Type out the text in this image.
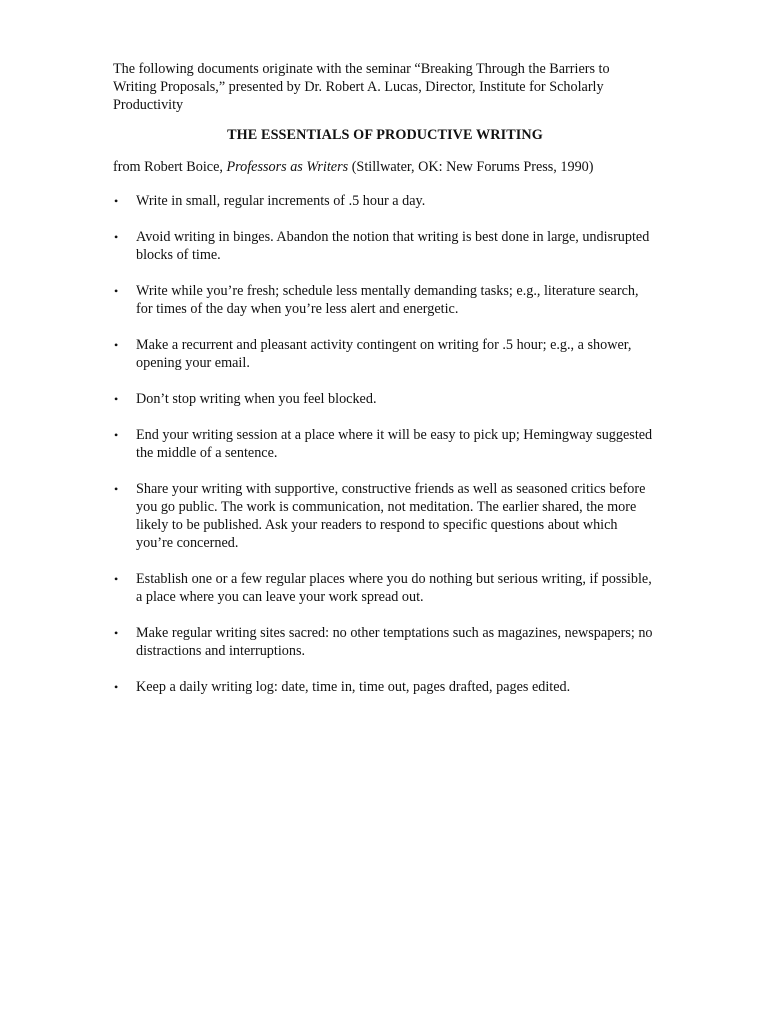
The following documents originate with the seminar “Breaking Through the Barriers to Writing Proposals,” presented by Dr. Robert A. Lucas, Director, Institute for Scholarly Productivity

THE ESSENTIALS OF PRODUCTIVE WRITING

from Robert Boice, Professors as Writers (Stillwater, OK: New Forums Press, 1990)

• Write in small, regular increments of .5 hour a day.
• Avoid writing in binges. Abandon the notion that writing is best done in large, undisrupted blocks of time.
• Write while you’re fresh; schedule less mentally demanding tasks; e.g., literature search, for times of the day when you’re less alert and energetic.
• Make a recurrent and pleasant activity contingent on writing for .5 hour; e.g., a shower, opening your email.
• Don’t stop writing when you feel blocked.
• End your writing session at a place where it will be easy to pick up; Hemingway suggested the middle of a sentence.
• Share your writing with supportive, constructive friends as well as seasoned critics before you go public. The work is communication, not meditation. The earlier shared, the more likely to be published. Ask your readers to respond to specific questions about which you’re concerned.
• Establish one or a few regular places where you do nothing but serious writing, if possible, a place where you can leave your work spread out.
• Make regular writing sites sacred: no other temptations such as magazines, newspapers; no distractions and interruptions.
• Keep a daily writing log: date, time in, time out, pages drafted, pages edited.
